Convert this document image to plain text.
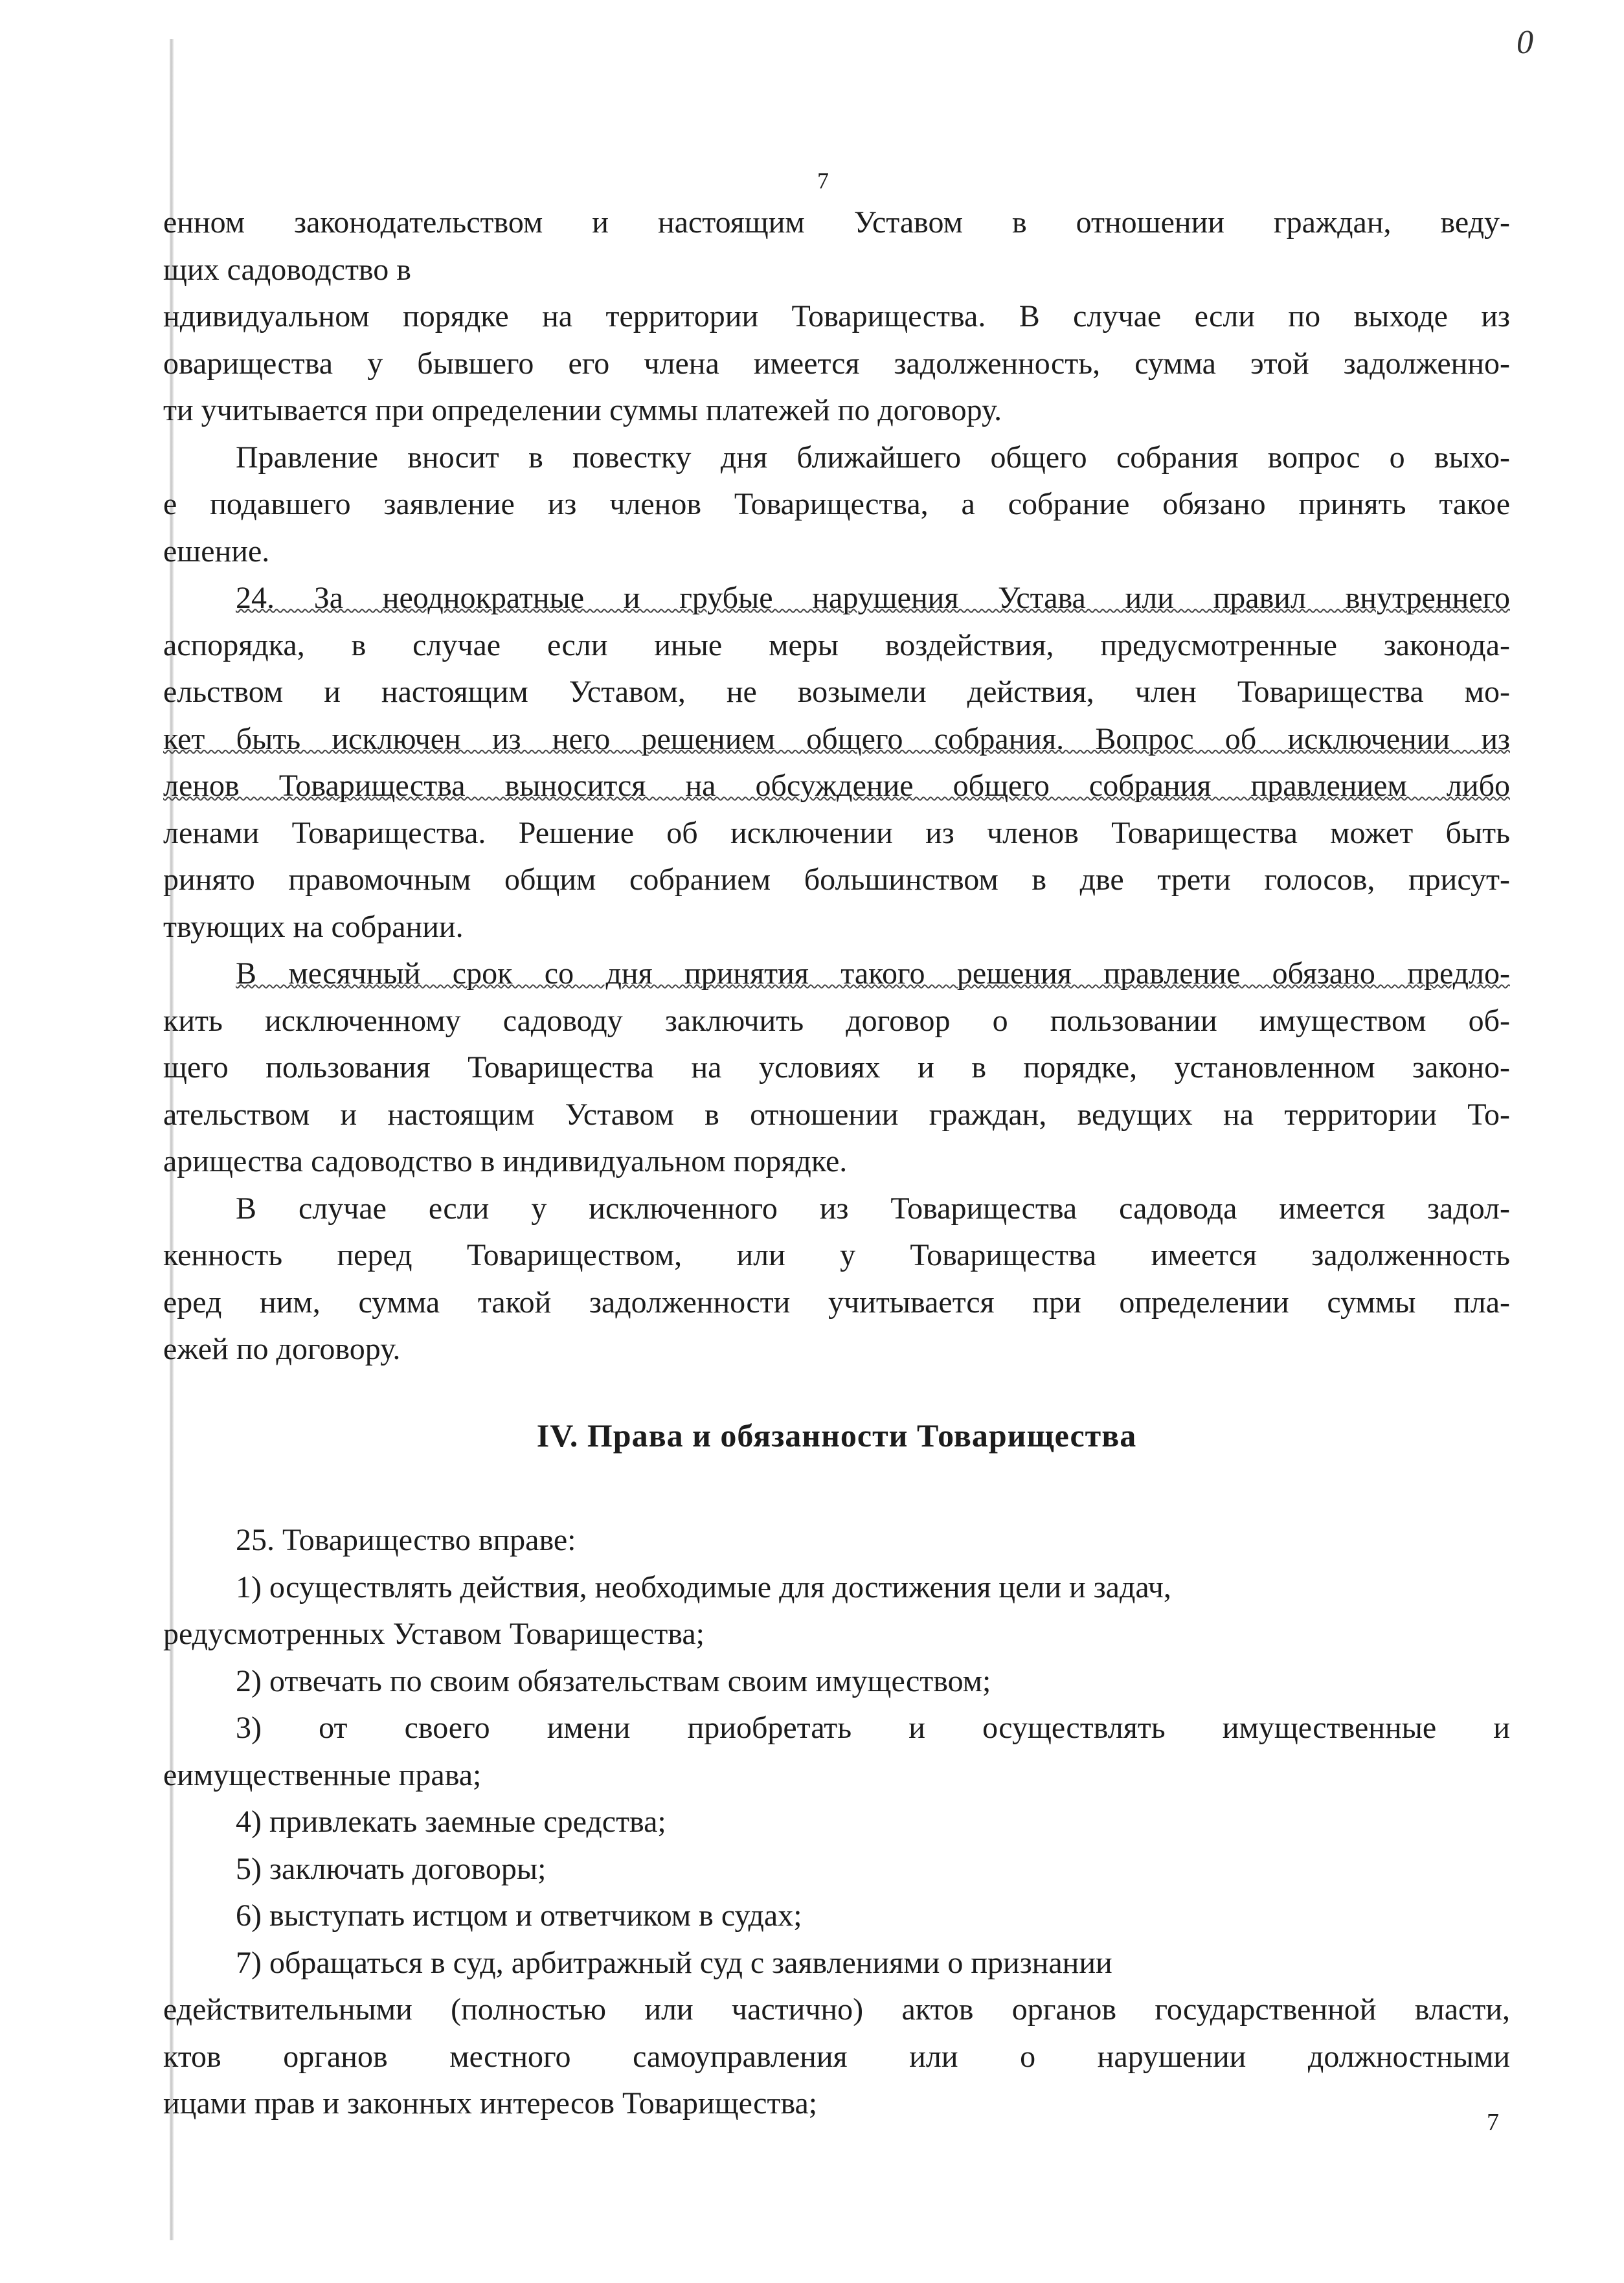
0
7
енном законодательством и настоящим Уставом в отношении граждан, веду-
щих садоводство в
ндивидуальном порядке на территории Товарищества. В случае если по выходе из
оварищества у бывшего его члена имеется задолженность, сумма этой задолженно-
ти учитывается при определении суммы платежей по договору.
Правление вносит в повестку дня ближайшего общего собрания вопрос о выхо-
е подавшего заявление из членов Товарищества, а собрание обязано принять такое
ешение.
24. За неоднократные и грубые нарушения Устава или правил внутреннего
аспорядка, в случае если иные меры воздействия, предусмотренные законода-
ельством и настоящим Уставом, не возымели действия, член Товарищества мо-
кет быть исключен из него решением общего собрания. Вопрос об исключении из
ленов Товарищества выносится на обсуждение общего собрания правлением либо
ленами Товарищества. Решение об исключении из членов Товарищества может быть
ринято правомочным общим собранием большинством в две трети голосов, присут-
твующих на собрании.
В месячный срок со дня принятия такого решения правление обязано предло-
кить исключенному садоводу заключить договор о пользовании имуществом об-
щего пользования Товарищества на условиях и в порядке, установленном законо-
ательством и настоящим Уставом в отношении граждан, ведущих на территории То-
арищества садоводство в индивидуальном порядке.
В случае если у исключенного из Товарищества садовода имеется задол-
кенность перед Товариществом, или у Товарищества имеется задолженность
еред ним, сумма такой задолженности учитывается при определении суммы пла-
ежей по договору.
IV. Права и обязанности Товарищества
25. Товарищество вправе:
1) осуществлять действия, необходимые для достижения цели и задач,
редусмотренных Уставом Товарищества;
2) отвечать по своим обязательствам своим имуществом;
3) от своего имени приобретать и осуществлять имущественные и
еимущественные права;
4) привлекать заемные средства;
5) заключать договоры;
6) выступать истцом и ответчиком в судах;
7) обращаться в суд, арбитражный суд с заявлениями о признании
едействительными (полностью или частично) актов органов государственной власти,
ктов органов местного самоуправления или о нарушении должностными
ицами прав и законных интересов Товарищества;
7
